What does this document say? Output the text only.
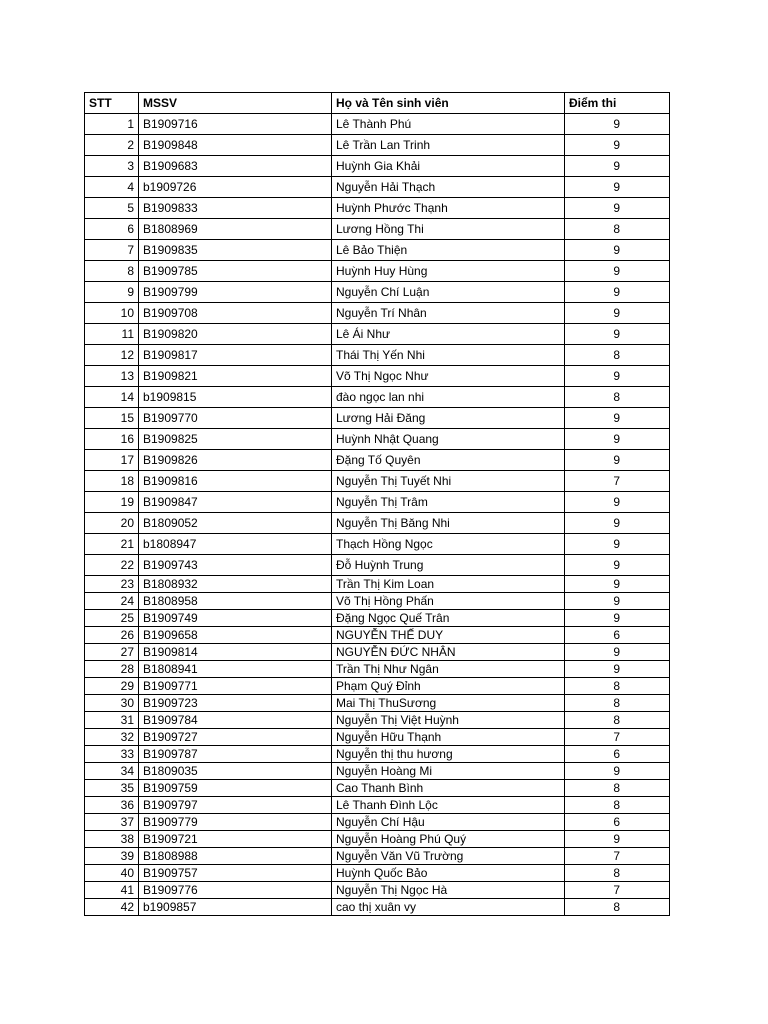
STT	MSSV	Họ và Tên sinh viên	Điểm thi
1	B1909716	Lê Thành Phú	9
2	B1909848	Lê Trần Lan Trinh	9
3	B1909683	Huỳnh Gia Khải	9
4	b1909726	Nguyễn Hải Thạch	9
5	B1909833	Huỳnh Phước Thạnh	9
6	B1808969	Lương Hồng Thi	8
7	B1909835	Lê Bảo Thiện	9
8	B1909785	Huỳnh Huy Hùng	9
9	B1909799	Nguyễn Chí Luận	9
10	B1909708	Nguyễn Trí Nhân	9
11	B1909820	Lê Ái Như	9
12	B1909817	Thái Thị Yến Nhi	8
13	B1909821	Võ Thị Ngọc Như	9
14	b1909815	đào ngọc lan nhi	8
15	B1909770	Lương Hải Đăng	9
16	B1909825	Huỳnh Nhật Quang	9
17	B1909826	Đặng Tố Quyên	9
18	B1909816	Nguyễn Thị Tuyết Nhi	7
19	B1909847	Nguyễn Thị Trâm	9
20	B1809052	Nguyễn Thị Băng Nhi	9
21	b1808947	Thạch Hồng Ngọc	9
22	B1909743	Đỗ Huỳnh Trung	9
23	B1808932	Trần Thị Kim Loan	9
24	B1808958	Võ Thị Hồng Phấn	9
25	B1909749	Đặng Ngọc Quế Trân	9
26	B1909658	NGUYỄN THẾ DUY	6
27	B1909814	NGUYỄN ĐỨC NHÂN	9
28	B1808941	Trần Thị Như Ngân	9
29	B1909771	Phạm Quý Đỉnh	8
30	B1909723	Mai Thị ThuSương	8
31	B1909784	Nguyễn Thị Việt Huỳnh	8
32	B1909727	Nguyễn Hữu Thạnh	7
33	B1909787	Nguyễn thị thu hương	6
34	B1809035	Nguyễn Hoàng Mi	9
35	B1909759	Cao Thanh Bình	8
36	B1909797	Lê Thanh Đình Lộc	8
37	B1909779	Nguyễn Chí Hậu	6
38	B1909721	Nguyễn Hoàng Phú Quý	9
39	B1808988	Nguyễn Văn Vũ Trường	7
40	B1909757	Huỳnh Quốc Bảo	8
41	B1909776	Nguyễn Thị Ngọc Hà	7
42	b1909857	cao thị xuân vy	8
